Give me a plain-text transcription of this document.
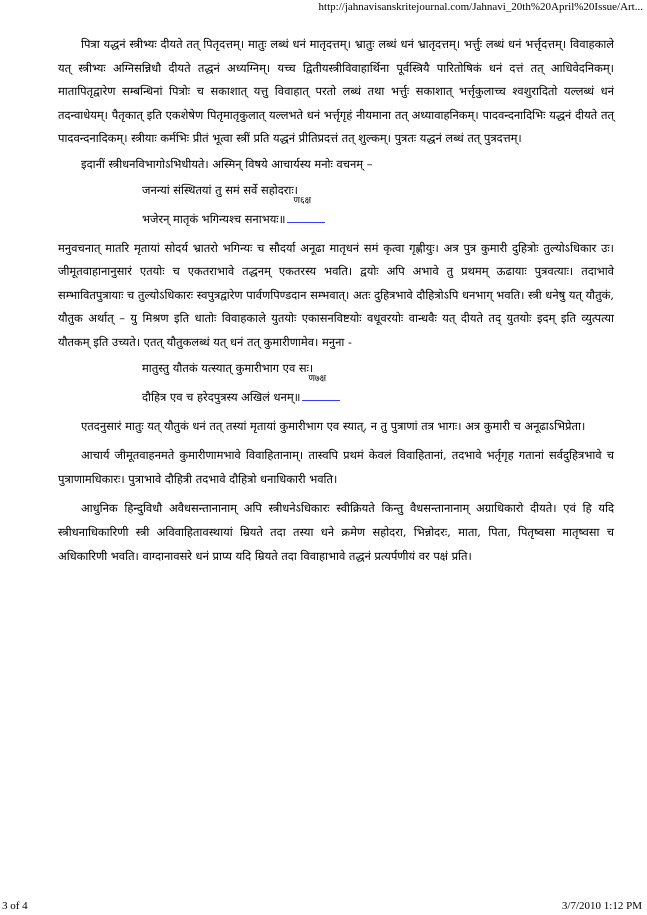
http://jahnavisanskritejournal.com/Jahnavi_20th%20April%20Issue/Art...

पित्रा यद्धनं स्त्रीभ्यः दीयते तत् पितृदत्तम्। मातुः लब्धं धनं मातृदत्तम्। भ्रातुः लब्धं धनं भ्रातृदत्तम्। भर्त्तुः लब्धं धनं भर्त्तृदत्तम्। विवाहकाले यत् स्त्रीभ्यः अग्निसन्निधौ दीयते तद्धनं अध्यग्निम्। यच्च द्वितीयस्त्रीविवाहार्थिना पूर्वस्त्रियै पारितोषिकं धनं दत्तं तत् आधिवेदनिकम्। मातापितृद्वारेण सम्बन्धिनां पित्रोः च सकाशात् यत्तु विवाहात् परतो लब्धं तथा भर्त्तुः सकाशात् भर्त्तृकुलाच्च श्वशुरादितो यल्लब्धं धनं तदन्वाधेयम्। पैतृकात् इति एकशेषेण पितृमातृकुलात् यल्लभते धनं भर्त्तृगृहं नीयमाना तत् अध्यावाहनिकम्। पादवन्दनादिभिः यद्धनं दीयते तत् पादवन्दनादिकम्। स्त्रीयाः कर्मभिः प्रीतं भूत्वा स्त्रीं प्रति यद्धनं प्रीतिप्रदत्तं तत् शुल्कम्। पुत्रतः यद्धनं लब्धं तत् पुत्रदत्तम्।

इदानीं स्त्रीधनविभागोऽभिधीयते। अस्मिन् विषये आचार्यस्य मनोः वचनम् –

जनन्यां संस्थितयां तु समं सर्वे सहोदराः।

भजेरन् मातृकं भगिन्यश्च सनाभयः॥
ण६क्ष

मनुवचनात् मातरि मृतायां सोदर्य भ्रातरो भगिन्यः च सौदर्या अनूढा मातृधनं समं कृत्वा गृह्णीयुः। अत्र पुत्र कुमारी दुहित्रोः तुल्योऽधिकार उः। जीमूतवाहानानुसारं एतयोः च एकतराभावे तद्धनम् एकतरस्य भवति। द्वयोः अपि अभावे तु प्रथमम् ऊढायाः पुत्रवत्याः। तदाभावे सम्भावितपुत्रायाः च तुल्योऽधिकारः स्वपुत्रद्वारेण पार्वणपिण्डदान सम्भवात्। अतः दुहित्रभावे दौहित्रोऽपि धनभाग् भवति। स्त्री धनेषु यत् यौतुकं, यौतुक अर्थात् – यु मिश्रण इति धातोः विवाहकाले युतयोः एकासनविष्टयोः वधूवरयोः वान्धवैः यत् दीयते तद् युतयोः इदम् इति व्युत्पत्या यौतकम् इति उच्यते। एतत् यौतुकलब्धं यत् धनं तत् कुमारीणामेव। मनुना -

मातुस्तु यौतकं यत्स्यात् कुमारीभाग एव सः।

दौहित्र एव च हरेदपुत्रस्य अखिलं धनम्॥
ण७क्ष

एतदनुसारं मातुः यत् यौतुकं धनं तत् तस्यां मृतायां कुमारीभाग एव स्यात्, न तु पुत्राणां तत्र भागः। अत्र कुमारी च अनूढाऽभिप्रेता।

आचार्य जीमूतवाहनमते कुमारीणामभावे विवाहितानाम्। तास्वपि प्रथमं केवलं विवाहितानां, तदभावे भर्तृगृह गतानां सर्वदुहित्रभावे च पुत्राणामधिकारः। पुत्राभावे दौहित्री तदभावे दौहित्रो धनाधिकारी भवति।

आधुनिक हिन्दुविधौ अवैधसन्तानानाम् अपि स्त्रीधनेऽधिकारः स्वीक्रियते किन्तु वैधसन्तानानाम् अग्राधिकारो दीयते। एवं हि यदि स्त्रीधनाधिकारिणी स्त्री अविवाहितावस्थायां म्रियते तदा तस्या धने क्रमेण सहोदरा, भिन्नोदरः, माता, पिता, पितृष्वसा मातृष्वसा च अधिकारिणी भवति। वाग्दानावसरे धनं प्राप्य यदि म्रियते तदा विवाहाभावे तद्धनं प्रत्यर्पणीयं वर पक्षं प्रति।

3 of 4	3/7/2010 1:12 PM
